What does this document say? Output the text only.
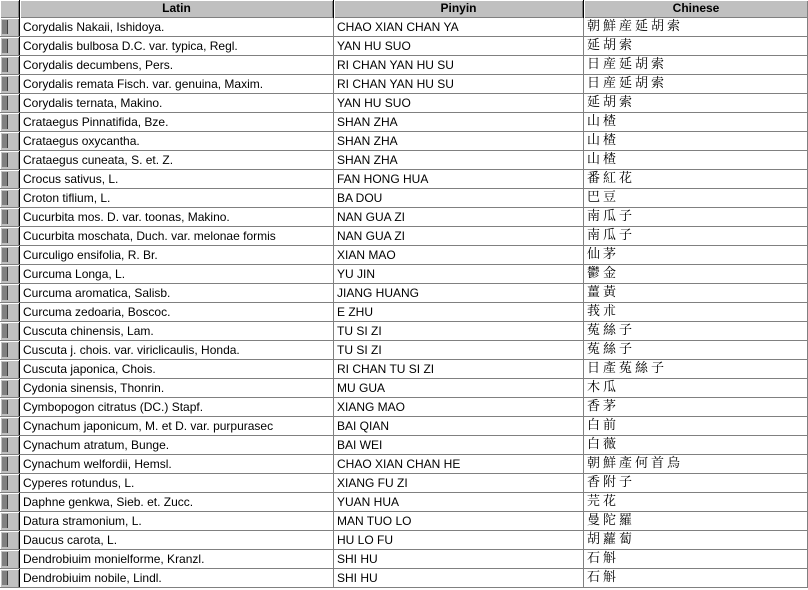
Latin	Pinyin	Chinese
Corydalis Nakaii, Ishidoya.	CHAO XIAN CHAN YA	朝鮮産延胡索
Corydalis bulbosa D.C. var. typica, Regl.	YAN HU SUO	延胡索
Corydalis decumbens, Pers.	RI CHAN YAN HU SU	日産延胡索
Corydalis remata Fisch. var. genuina, Maxim.	RI CHAN YAN HU SU	日産延胡索
Corydalis ternata, Makino.	YAN HU SUO	延胡索
Crataegus Pinnatifida, Bze.	SHAN ZHA	山楂
Crataegus oxycantha.	SHAN ZHA	山楂
Crataegus cuneata, S. et. Z.	SHAN ZHA	山楂
Crocus sativus, L.	FAN HONG HUA	番紅花
Croton tiflium, L.	BA DOU	巴豆
Cucurbita mos. D. var. toonas, Makino.	NAN GUA ZI	南瓜子
Cucurbita moschata, Duch. var. melonae formis	NAN GUA ZI	南瓜子
Curculigo ensifolia, R. Br.	XIAN MAO	仙茅
Curcuma Longa, L.	YU JIN	鬱金
Curcuma aromatica, Salisb.	JIANG HUANG	薑黃
Curcuma zedoaria, Boscoc.	E ZHU	莪朮
Cuscuta chinensis, Lam.	TU SI ZI	菟絲子
Cuscuta j. chois. var. viriclicaulis, Honda.	TU SI ZI	菟絲子
Cuscuta japonica, Chois.	RI CHAN TU SI ZI	日產菟絲子
Cydonia sinensis, Thonrin.	MU GUA	木瓜
Cymbopogon citratus (DC.) Stapf.	XIANG MAO	香茅
Cynachum japonicum, M. et D. var. purpurasec	BAI QIAN	白前
Cynachum atratum, Bunge.	BAI WEI	白薇
Cynachum welfordii, Hemsl.	CHAO XIAN CHAN HE	朝鮮產何首烏
Cyperes rotundus, L.	XIANG FU ZI	香附子
Daphne genkwa, Sieb. et. Zucc.	YUAN HUA	芫花
Datura stramonium, L.	MAN TUO LO	曼陀羅
Daucus carota, L.	HU LO FU	胡蘿蔔
Dendrobiuim monielforme, Kranzl.	SHI HU	石斛
Dendrobiuim nobile, Lindl.	SHI HU	石斛
